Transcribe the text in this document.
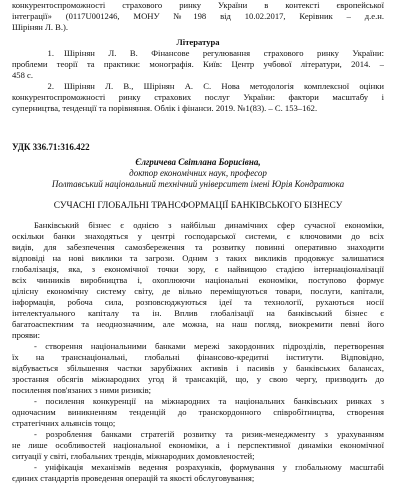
конкурентоспроможності страхового ринку України в контексті європейської
інтеграції» (0117U001246, МОНУ №198 від 10.02.2017, Керівник – д.е.н.
Шірінян Л. В.).
Література
1.	Шірінян Л. В. Фінансове регулювання страхового ринку України:
проблеми теорії та практики: монографія. Київ: Центр учбової літератури, 2014. –
458 с.
2.	Шірінян Л. В., Шірінян А. С. Нова методологія комплексної оцінки
конкурентоспроможності ринку страхових послуг України: фактори масштабу і
суперництва, тенденції та порівняння. Облік і фінанси. 2019. №1(83). – С. 153–162.
УДК 336.71:316.422
Єлгричева Світлана Борисівна,
доктор економічних наук, професор
Полтавський національний технічний університет імені Юрія Кондратюка
СУЧАСНІ ГЛОБАЛЬНІ ТРАНСФОРМАЦІЇ БАНКІВСЬКОГО БІЗНЕСУ
Банківський бізнес є однією з найбільш динамічних сфер сучасної економіки,
оскільки банки знаходяться у центрі господарської системи, є ключовими до всіх
видів, для забезпечення самозбереження та розвитку повинні оперативно знаходити
відповіді на нові виклики та загрози. Одним з таких викликів продовжує залишатися
глобалізація, яка, з економічної точки зору, є найвищою стадією інтернаціоналізації
всіх чинників виробництва і, охоплюючи національні економіки, поступово формує
цілісну економічну систему світу, де вільно переміщуються товари, послуги, капітали,
інформація, робоча сила, розповсюджуються ідеї та технології, рухаються носії
інтелектуального капіталу та ін. Вплив глобалізації на банківський бізнес є
багатоаспектним та неоднозначним, але можна, на наш погляд, виокремити певні його
прояви:
- створення національними банками мережі закордонних підрозділів, перетворення
їх на транснаціональні, глобальні фінансово-кредитні інститути. Відповідно,
відбувається збільшення частки зарубіжних активів і пасивів у банківських балансах,
зростання обсягів міжнародних угод й трансакцій, що, у свою чергу, призводить до
посилення пов'язаних з ними ризиків;
- посилення конкуренції на міжнародних та національних банківських ринках з
одночасним виникненням тенденцій до транскордонного співробітництва, створення
стратегічних альянсів тощо;
- розроблення банками стратегій розвитку та ризик-менеджменту з урахуванням
не лише особливостей національної економіки, а і перспективної динаміки економічної
ситуації у світі, глобальних трендів, міжнародних домовленостей;
- уніфікація механізмів ведення розрахунків, формування у глобальному масштабі
єдиних стандартів проведення операцій та якості обслуговування;
